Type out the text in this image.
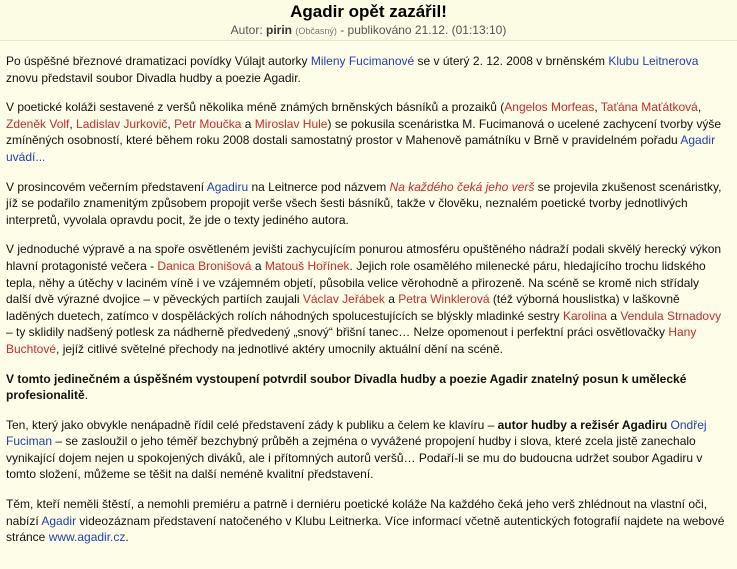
Agadir opět zazářil!
Autor: pirin (Občasný) - publikováno 21.12. (01:13:10)

Po úspěšné březnové dramatizaci povídky Vúlajt autorky Mileny Fucimanové se v úterý 2. 12. 2008 v brněnském Klubu Leitnerova znovu představil soubor Divadla hudby a poezie Agadir.

V poetické koláži sestavené z veršů několika méně známých brněnských básníků a prozaiků (Angelos Morfeas, Taťána Maťátková, Zdeněk Volf, Ladislav Jurkovič, Petr Moučka a Miroslav Hule) se pokusila scenáristka M. Fucimanová o ucelené zachycení tvorby výše zmíněných osobností, které během roku 2008 dostali samostatný prostor v Mahenově památníku v Brně v pravidelném pořadu Agadir uvádí...

V prosincovém večerním představení Agadiru na Leitnerce pod názvem Na každého čeká jeho verš se projevila zkušenost scenáristky, jíž se podařilo znamenitým způsobem propojit verše všech šesti básníků, takže v člověku, neznalém poetické tvorby jednotlivých interpretů, vyvolala opravdu pocit, že jde o texty jediného autora.

V jednoduché výpravě a na spoře osvětleném jevišti zachycujícím ponurou atmosféru opuštěného nádraží podali skvělý herecký výkon hlavní protagonisté večera - Danica Bronišová a Matouš Hořínek. Jejich role osamělého milenecké páru, hledajícího trochu lidského tepla, něhy a útěchy v laciném víně i ve vzájemném objetí, působila velice věrohodně a přirozeně. Na scéně se kromě nich střídaly další dvě výrazné dvojice – v pěveckých partiích zaujali Václav Jeřábek a Petra Winklerová (též výborná houslistka) v laškovně laděných duetech, zatímco v dospěláckých rolích náhodných spolucestujících se blýskly mladinké sestry Karolina a Vendula Strnadovy – ty sklidily nadšený potlesk za nádherně předvedený „snový“ břišní tanec… Nelze opomenout i perfektní práci osvětlovačky Hany Buchtové, jejíž citlivé světelné přechody na jednotlivé aktéry umocnily aktuální dění na scéně.

V tomto jedinečném a úspěšném vystoupení potvrdil soubor Divadla hudby a poezie Agadir znatelný posun k umělecké profesionalitě.

Ten, který jako obvykle nenápadně řídil celé představení zády k publiku a čelem ke klavíru – autor hudby a režisér Agadiru Ondřej Fuciman – se zasloužil o jeho téměř bezchybný průběh a zejména o vyvážené propojení hudby i slova, které zcela jistě zanechalo vynikající dojem nejen u spokojených diváků, ale i přítomných autorů veršů… Podaří-li se mu do budoucna udržet soubor Agadiru v tomto složení, můžeme se těšit na další neméně kvalitní představení.

Těm, kteří neměli štěstí, a nemohli premiéru a patrně i derniéru poetické koláže Na každého čeká jeho verš zhlédnout na vlastní oči, nabízí Agadir videozáznam představení natočeného v Klubu Leitnerka. Více informací včetně autentických fotografií najdete na webové stránce www.agadir.cz.
